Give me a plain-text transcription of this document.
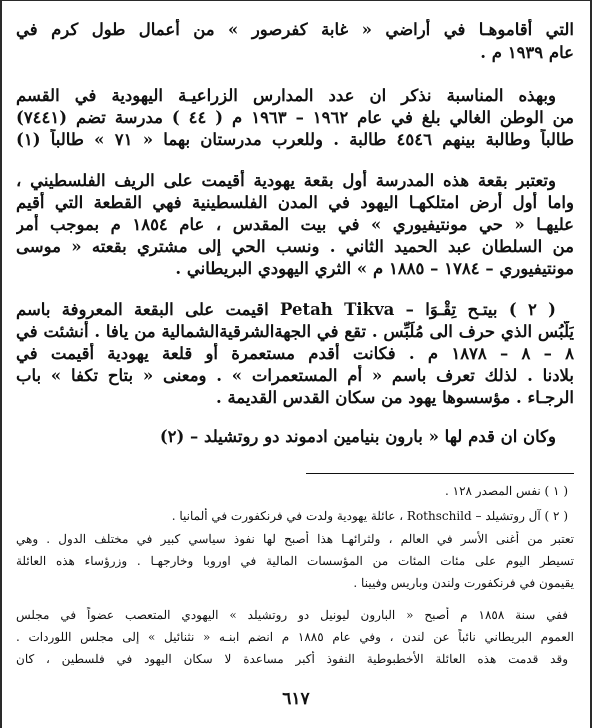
التي أقاموهـا في أراضي « غابة كفرصور » من أعمال طول كرم في
عام ١٩٣٩ م .
وبهذه المناسبة نذكر ان عدد المدارس الزراعيـة اليهودية في القسم
من الوطن الغالي بلغ في عام ١٩٦٢ – ١٩٦٣ م ( ٤٤ ) مدرسة تضم (٧٤٤١)
طالباً وطالبة بينهم ٤٥٤٦ طالبة . وللعرب مدرستان بهما « ٧١ » طالباً (١)
وتعتبر بقعة هذه المدرسة أول بقعة يهودية أقيمت على الريف الفلسطيني ،
واما أول أرض امتلكهـا اليهود في المدن الفلسطينية فهي القطعة التي أقيم
عليهـا « حي مونتيفيوري » في بيت المقدس ، عام ١٨٥٤ م بموجب أمر
من السلطان عبد الحميد الثاني . ونسب الحي إلى مشتري بقعته « موسى
مونتيفيوري – ١٧٨٤ – ١٨٨٥ م » الثري اليهودي البريطاني .
( ٢ ) بيتـح تِقْـوَا – Petah Tikva اقيمت على البقعة المعروفة باسم
يَلُّبُس الذي حرف الى مُلَبِّس . تقع في الجهةالشرقيةالشمالية من يافا . أنشئت في
٨ – ٨ – ١٨٧٨ م . فكانت أقدم مستعمرة أو قلعة يهودية أقيمت في
بلادنا . لذلك تعرف باسم « أم المستعمرات » . ومعنى « بتاح تكفا » باب
الرجـاء . مؤسسوها يهود من سكان القدس القديمة .
وكان ان قدم لها « بارون بنيامين ادموند دو روتشيلد – (٢)
( ١ ) نفس المصدر ١٢٨ .
( ٢ ) آل روتشيلد – Rothschild ، عائلة يهودية ولدت في فرنكفورت في ألمانيا .
تعتبر من أغنى الأسر في العالم ، ولثرائهـا هذا أصبح لها نفوذ سياسي كبير في مختلف الدول . وهي
تسيطر اليوم على مئات المئات من المؤسسات المالية في اوروبا وخارجهـا . وزرؤساء هذه العائلة
يقيمون في فرنكفورت ولندن وباريس وفيينا .
ففي سنة ١٨٥٨ م أصبح « البارون ليونيل دو روتشيلد » اليهودي المتعصب عضواً في مجلس
العموم البريطاني نائباً عن لندن ، وفي عام ١٨٨٥ م انضم ابنـه « نثنائيل » إلى مجلس اللوردات .
وقد قدمت هذه العائلة الأخطبوطية النفوذ أكبر مساعدة لا سكان اليهود في فلسطين ، كان
٦١٧
